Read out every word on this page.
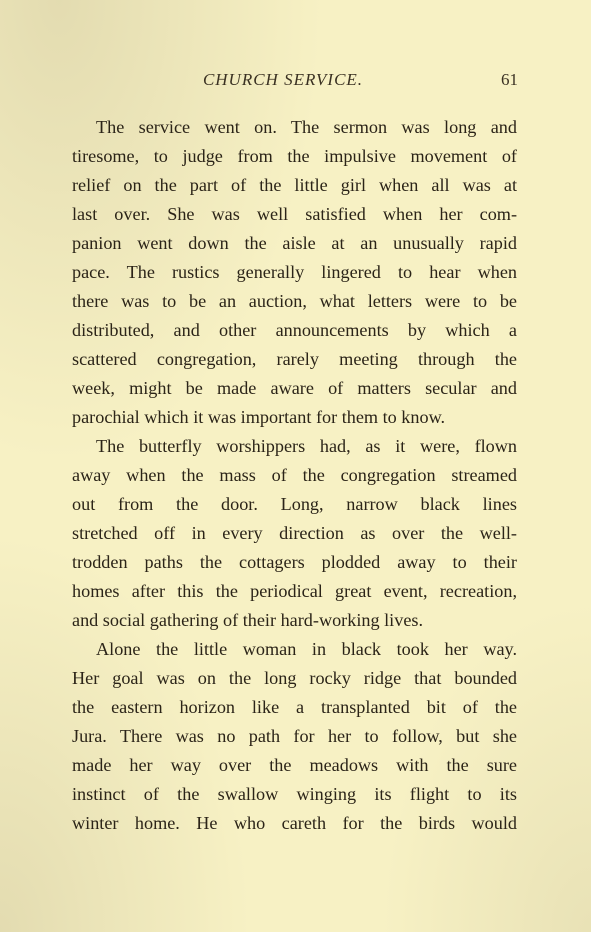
CHURCH SERVICE.	61

The service went on. The sermon was long and
tiresome, to judge from the impulsive movement of
relief on the part of the little girl when all was at
last over. She was well satisfied when her com-
panion went down the aisle at an unusually rapid
pace. The rustics generally lingered to hear when
there was to be an auction, what letters were to be
distributed, and other announcements by which a
scattered congregation, rarely meeting through the
week, might be made aware of matters secular and
parochial which it was important for them to know.

The butterfly worshippers had, as it were, flown
away when the mass of the congregation streamed
out from the door. Long, narrow black lines
stretched off in every direction as over the well-
trodden paths the cottagers plodded away to their
homes after this the periodical great event, recreation,
and social gathering of their hard-working lives.

Alone the little woman in black took her way.
Her goal was on the long rocky ridge that bounded
the eastern horizon like a transplanted bit of the
Jura. There was no path for her to follow, but she
made her way over the meadows with the sure
instinct of the swallow winging its flight to its
winter home. He who careth for the birds would
